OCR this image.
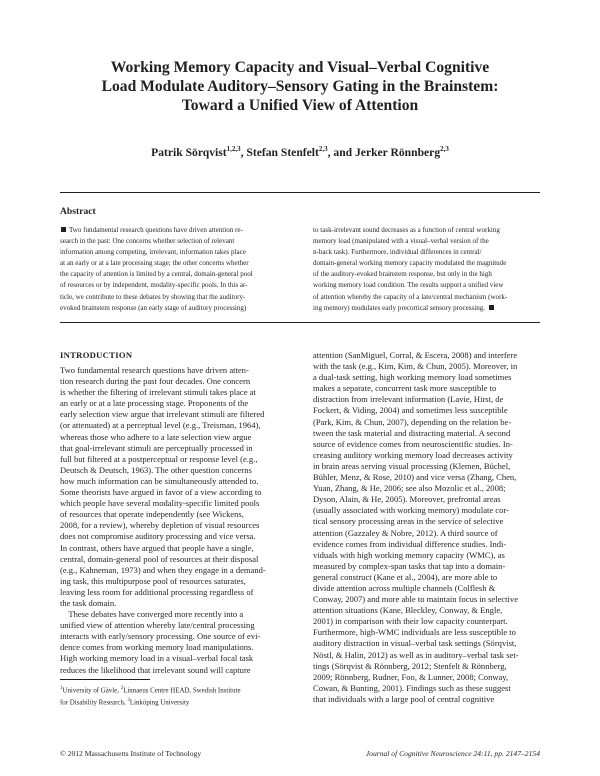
Working Memory Capacity and Visual–Verbal Cognitive
Load Modulate Auditory–Sensory Gating in the Brainstem:
Toward a Unified View of Attention
Patrik Sörqvist$^{1,2,3}$, Stefan Stenfelt$^{2,3}$, and Jerker Rönnberg$^{2,3}$
Abstract
Two fundamental research questions have driven attention re-
search in the past: One concerns whether selection of relevant
information among competing, irrelevant, information takes place
at an early or at a late processing stage; the other concerns whether
the capacity of attention is limited by a central, domain-general pool
of resources or by independent, modality-specific pools. In this ar-
ticle, we contribute to these debates by showing that the auditory-
evoked brainstem response (an early stage of auditory processing)
to task-irrelevant sound decreases as a function of central working
memory load (manipulated with a visual–verbal version of the
n-back task). Furthermore, individual differences in central/
domain-general working memory capacity modulated the magnitude
of the auditory-evoked brainstem response, but only in the high
working memory load condition. The results support a unified view
of attention whereby the capacity of a late/central mechanism (work-
ing memory) modulates early precortical sensory processing.
INTRODUCTION
Two fundamental research questions have driven atten-
tion research during the past four decades. One concern
is whether the filtering of irrelevant stimuli takes place at
an early or at a late processing stage. Proponents of the
early selection view argue that irrelevant stimuli are filtered
(or attenuated) at a perceptual level (e.g., Treisman, 1964),
whereas those who adhere to a late selection view argue
that goal-irrelevant stimuli are perceptually processed in
full but filtered at a postperceptual or response level (e.g.,
Deutsch & Deutsch, 1963). The other question concerns
how much information can be simultaneously attended to.
Some theorists have argued in favor of a view according to
which people have several modality-specific limited pools
of resources that operate independently (see Wickens,
2008, for a review), whereby depletion of visual resources
does not compromise auditory processing and vice versa.
In contrast, others have argued that people have a single,
central, domain-general pool of resources at their disposal
(e.g., Kahneman, 1973) and when they engage in a demand-
ing task, this multipurpose pool of resources saturates,
leaving less room for additional processing regardless of
the task domain.
These debates have converged more recently into a
unified view of attention whereby late/central processing
interacts with early/sensory processing. One source of evi-
dence comes from working memory load manipulations.
High working memory load in a visual–verbal focal task
reduces the likelihood that irrelevant sound will capture
attention (SanMiguel, Corral, & Escera, 2008) and interfere
with the task (e.g., Kim, Kim, & Chun, 2005). Moreover, in
a dual-task setting, high working memory load sometimes
makes a separate, concurrent task more susceptible to
distraction from irrelevant information (Lavie, Hirst, de
Fockert, & Viding, 2004) and sometimes less susceptible
(Park, Kim, & Chun, 2007), depending on the relation be-
tween the task material and distracting material. A second
source of evidence comes from neuroscientific studies. In-
creasing auditory working memory load decreases activity
in brain areas serving visual processing (Klemen, Büchel,
Bühler, Menz, & Rose, 2010) and vice versa (Zhang, Chen,
Yuan, Zhang, & He, 2006; see also Mozolic et al., 2008;
Dyson, Alain, & He, 2005). Moreover, prefrontal areas
(usually associated with working memory) modulate cor-
tical sensory processing areas in the service of selective
attention (Gazzaley & Nobre, 2012). A third source of
evidence comes from individual difference studies. Indi-
viduals with high working memory capacity (WMC), as
measured by complex-span tasks that tap into a domain-
general construct (Kane et al., 2004), are more able to
divide attention across multiple channels (Colflesh &
Conway, 2007) and more able to maintain focus in selective
attention situations (Kane, Bleckley, Conway, & Engle,
2001) in comparison with their low capacity counterpart.
Furthermore, high-WMC individuals are less susceptible to
auditory distraction in visual–verbal task settings (Sörqvist,
Nöstl, & Halin, 2012) as well as in auditory–verbal task set-
tings (Sörqvist & Rönnberg, 2012; Stenfelt & Rönnberg,
2009; Rönnberg, Rudner, Foo, & Lunner, 2008; Conway,
Cowan, & Bunting, 2001). Findings such as these suggest
that individuals with a large pool of central cognitive
$^1$University of Gävle, $^2$Linnaeus Centre HEAD, Swedish Institute
for Disability Research, $^3$Linköping University
© 2012 Massachusetts Institute of Technology	Journal of Cognitive Neuroscience 24:11, pp. 2147–2154
